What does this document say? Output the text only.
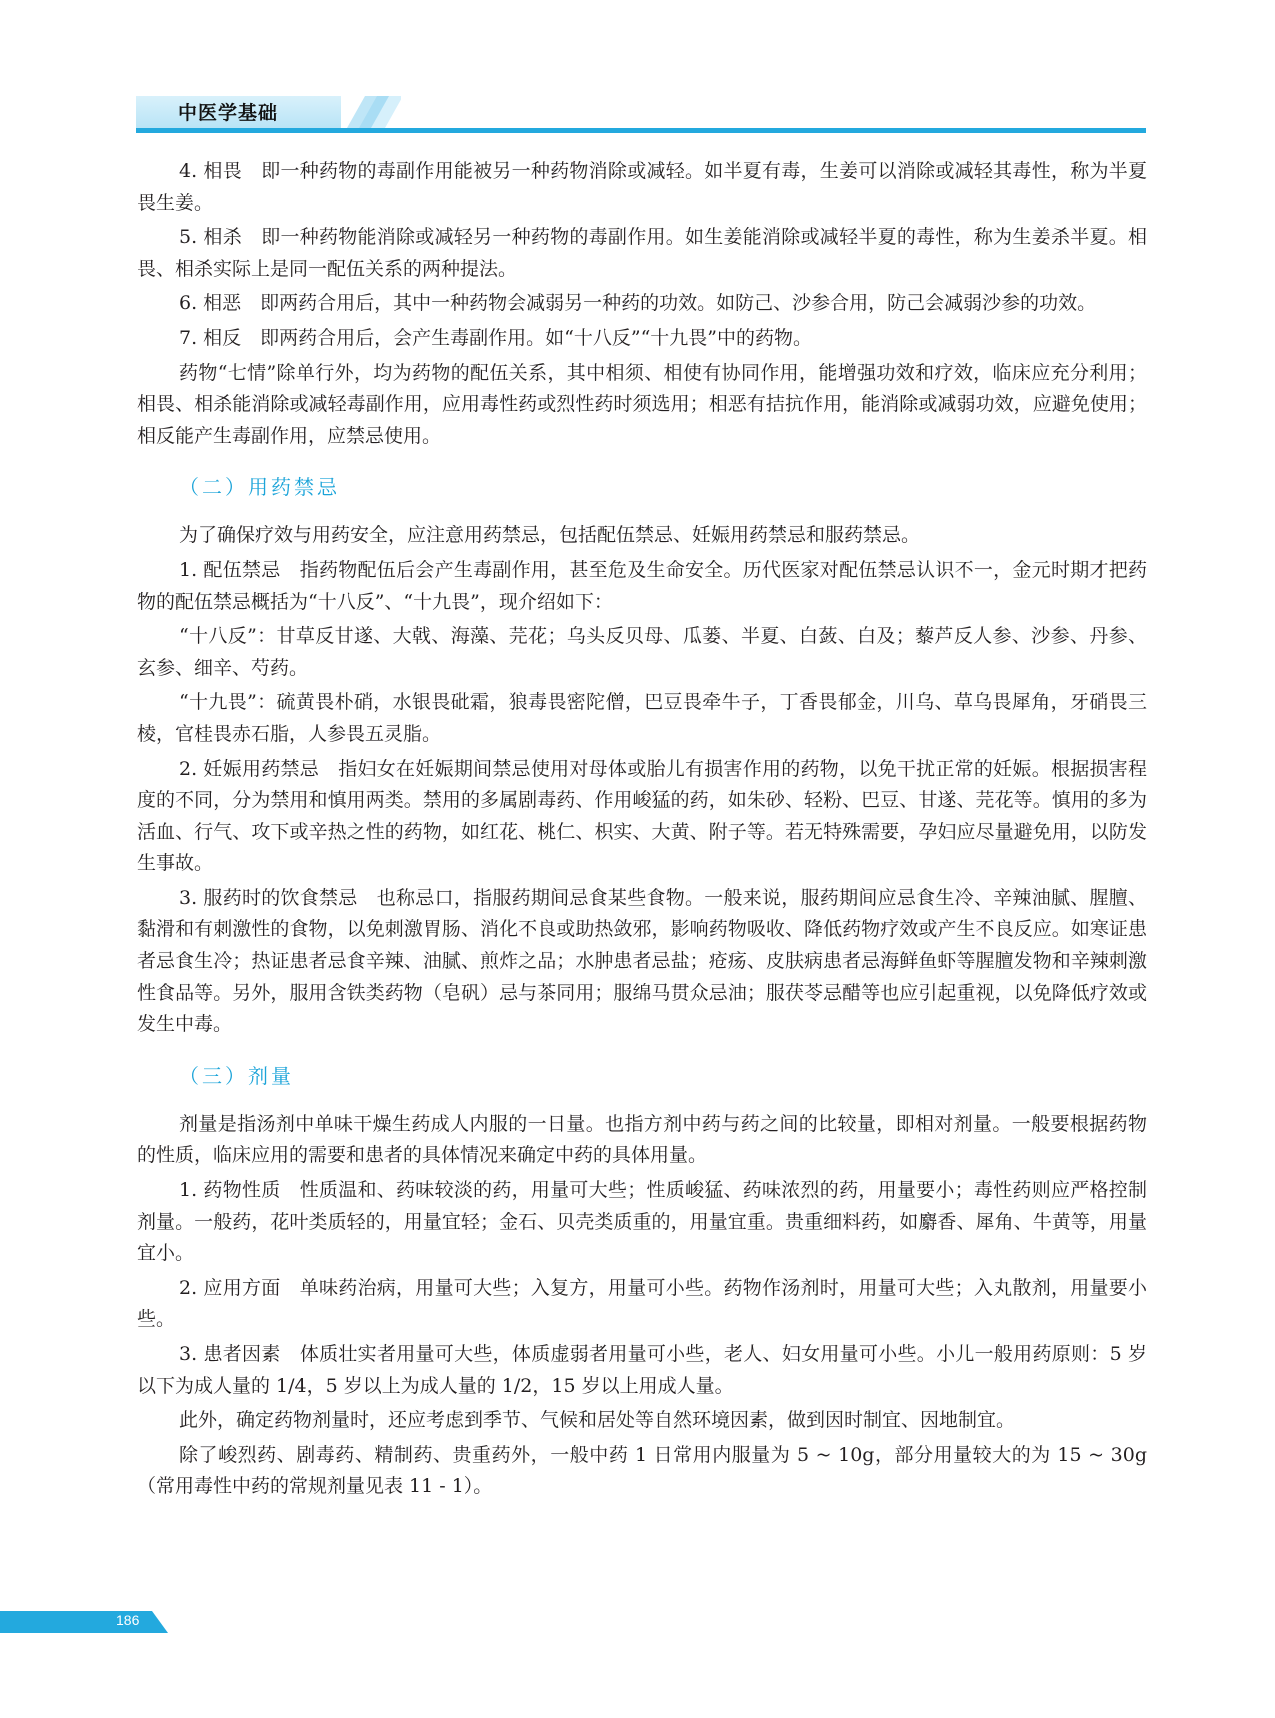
中医学基础

4. 相畏　即一种药物的毒副作用能被另一种药物消除或减轻。如半夏有毒，生姜可以消除或减轻其毒性，称为半夏畏生姜。

5. 相杀　即一种药物能消除或减轻另一种药物的毒副作用。如生姜能消除或减轻半夏的毒性，称为生姜杀半夏。相畏、相杀实际上是同一配伍关系的两种提法。

6. 相恶　即两药合用后，其中一种药物会减弱另一种药的功效。如防己、沙参合用，防己会减弱沙参的功效。

7. 相反　即两药合用后，会产生毒副作用。如“十八反”“十九畏”中的药物。

药物“七情”除单行外，均为药物的配伍关系，其中相须、相使有协同作用，能增强功效和疗效，临床应充分利用；相畏、相杀能消除或减轻毒副作用，应用毒性药或烈性药时须选用；相恶有拮抗作用，能消除或减弱功效，应避免使用；相反能产生毒副作用，应禁忌使用。

（二）用药禁忌

为了确保疗效与用药安全，应注意用药禁忌，包括配伍禁忌、妊娠用药禁忌和服药禁忌。

1. 配伍禁忌　指药物配伍后会产生毒副作用，甚至危及生命安全。历代医家对配伍禁忌认识不一，金元时期才把药物的配伍禁忌概括为“十八反”、“十九畏”，现介绍如下：

“十八反”：甘草反甘遂、大戟、海藻、芫花；乌头反贝母、瓜蒌、半夏、白蔹、白及；藜芦反人参、沙参、丹参、玄参、细辛、芍药。

“十九畏”：硫黄畏朴硝，水银畏砒霜，狼毒畏密陀僧，巴豆畏牵牛子，丁香畏郁金，川乌、草乌畏犀角，牙硝畏三棱，官桂畏赤石脂，人参畏五灵脂。

2. 妊娠用药禁忌　指妇女在妊娠期间禁忌使用对母体或胎儿有损害作用的药物，以免干扰正常的妊娠。根据损害程度的不同，分为禁用和慎用两类。禁用的多属剧毒药、作用峻猛的药，如朱砂、轻粉、巴豆、甘遂、芫花等。慎用的多为活血、行气、攻下或辛热之性的药物，如红花、桃仁、枳实、大黄、附子等。若无特殊需要，孕妇应尽量避免用，以防发生事故。

3. 服药时的饮食禁忌　也称忌口，指服药期间忌食某些食物。一般来说，服药期间应忌食生冷、辛辣油腻、腥膻、黏滑和有刺激性的食物，以免刺激胃肠、消化不良或助热敛邪，影响药物吸收、降低药物疗效或产生不良反应。如寒证患者忌食生冷；热证患者忌食辛辣、油腻、煎炸之品；水肿患者忌盐；疮疡、皮肤病患者忌海鲜鱼虾等腥膻发物和辛辣刺激性食品等。另外，服用含铁类药物（皂矾）忌与茶同用；服绵马贯众忌油；服茯苓忌醋等也应引起重视，以免降低疗效或发生中毒。

（三）剂量

剂量是指汤剂中单味干燥生药成人内服的一日量。也指方剂中药与药之间的比较量，即相对剂量。一般要根据药物的性质，临床应用的需要和患者的具体情况来确定中药的具体用量。

1. 药物性质　性质温和、药味较淡的药，用量可大些；性质峻猛、药味浓烈的药，用量要小；毒性药则应严格控制剂量。一般药，花叶类质轻的，用量宜轻；金石、贝壳类质重的，用量宜重。贵重细料药，如麝香、犀角、牛黄等，用量宜小。

2. 应用方面　单味药治病，用量可大些；入复方，用量可小些。药物作汤剂时，用量可大些；入丸散剂，用量要小些。

3. 患者因素　体质壮实者用量可大些，体质虚弱者用量可小些，老人、妇女用量可小些。小儿一般用药原则：5 岁以下为成人量的 1/4，5 岁以上为成人量的 1/2，15 岁以上用成人量。

此外，确定药物剂量时，还应考虑到季节、气候和居处等自然环境因素，做到因时制宜、因地制宜。

除了峻烈药、剧毒药、精制药、贵重药外，一般中药 1 日常用内服量为 5 ~ 10g，部分用量较大的为 15 ~ 30g（常用毒性中药的常规剂量见表 11 - 1）。

186
